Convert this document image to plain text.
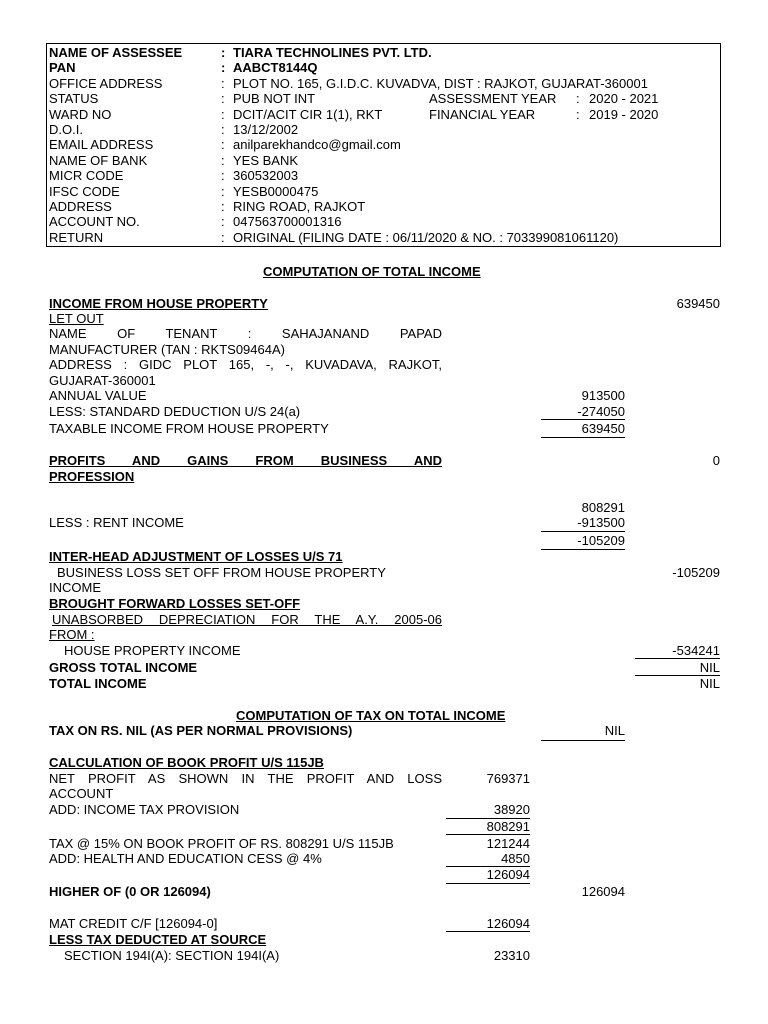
NAME OF ASSESSEE	: TIARA TECHNOLINES PVT. LTD.
PAN	: AABCT8144Q
OFFICE ADDRESS	: PLOT NO. 165, G.I.D.C. KUVADVA, DIST : RAJKOT, GUJARAT-360001
STATUS	: PUB NOT INT	ASSESSMENT YEAR : 2020 - 2021
WARD NO	: DCIT/ACIT CIR 1(1), RKT	FINANCIAL YEAR	: 2019 - 2020
D.O.I.	: 13/12/2002
EMAIL ADDRESS	: anilparekhandco@gmail.com
NAME OF BANK	: YES BANK
MICR CODE	: 360532003
IFSC CODE	: YESB0000475
ADDRESS	: RING ROAD, RAJKOT
ACCOUNT NO.	: 047563700001316
RETURN	: ORIGINAL (FILING DATE : 06/11/2020 & NO. : 703399081061120)
COMPUTATION OF TOTAL INCOME
INCOME FROM HOUSE PROPERTY	639450
LET OUT
NAME OF TENANT : SAHAJANAND PAPAD
MANUFACTURER (TAN : RKTS09464A)
ADDRESS : GIDC PLOT 165, -, -, KUVADAVA, RAJKOT,
GUJARAT-360001
ANNUAL VALUE	913500
LESS: STANDARD DEDUCTION U/S 24(a)	-274050
TAXABLE INCOME FROM HOUSE PROPERTY	639450
PROFITS AND GAINS FROM BUSINESS AND
PROFESSION
0
808291
LESS : RENT INCOME	-913500
-105209
INTER-HEAD ADJUSTMENT OF LOSSES U/S 71
BUSINESS LOSS SET OFF FROM HOUSE PROPERTY
INCOME
-105209
BROUGHT FORWARD LOSSES SET-OFF
UNABSORBED DEPRECIATION FOR THE A.Y. 2005-06
FROM :
HOUSE PROPERTY INCOME	-534241
GROSS TOTAL INCOME	NIL
TOTAL INCOME	NIL
COMPUTATION OF TAX ON TOTAL INCOME
TAX ON RS. NIL (AS PER NORMAL PROVISIONS)	NIL
CALCULATION OF BOOK PROFIT U/S 115JB
NET PROFIT AS SHOWN IN THE PROFIT AND LOSS
ACCOUNT
769371
ADD: INCOME TAX PROVISION	38920
808291
TAX @ 15% ON BOOK PROFIT OF RS. 808291 U/S 115JB	121244
ADD: HEALTH AND EDUCATION CESS @ 4%	4850
126094
HIGHER OF (0 OR 126094)	126094
MAT CREDIT C/F [126094-0]	126094
LESS TAX DEDUCTED AT SOURCE
SECTION 194I(A): SECTION 194I(A)	23310
